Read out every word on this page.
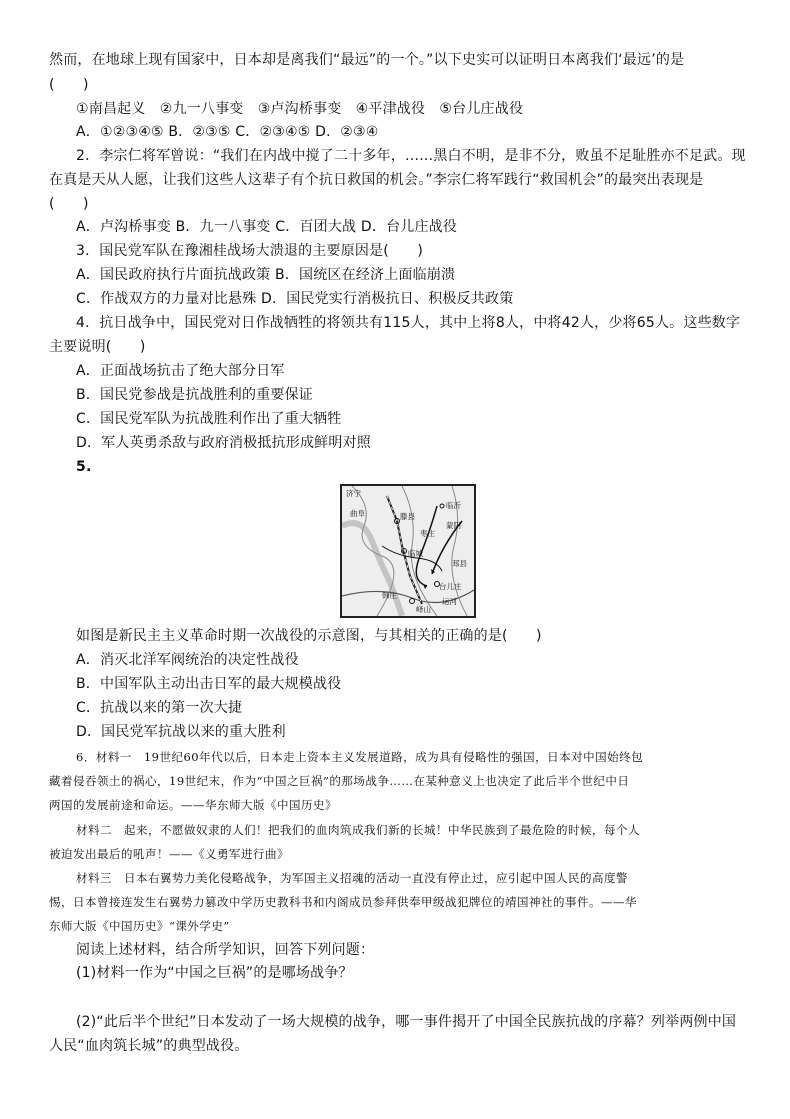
然而，在地球上现有国家中，日本却是离我们“最远”的一个。”以下史实可以证明日本离我们‘最远’的是
(　　)
①南昌起义　②九一八事变　③卢沟桥事变　④平津战役　⑤台儿庄战役
A．①②③④⑤ B．②③⑤ C．②③④⑤ D．②③④
2．李宗仁将军曾说：“我们在内战中搅了二十多年，……黑白不明，是非不分，败虽不足耻胜亦不足武。现
在真是天从人愿，让我们这些人这辈子有个抗日救国的机会。”李宗仁将军践行“救国机会”的最突出表现是
(　　)
A．卢沟桥事变 B．九一八事变 C．百团大战 D．台儿庄战役
3．国民党军队在豫湘桂战场大溃退的主要原因是(　　)
A．国民政府执行片面抗战政策 B．国统区在经济上面临崩溃
C．作战双方的力量对比悬殊 D．国民党实行消极抗日、积极反共政策
4．抗日战争中，国民党对日作战牺牲的将领共有115人，其中上将8人，中将42人，少将65人。这些数字
主要说明(　　)
A．正面战场抗击了绝大部分日军
B．国民党参战是抗战胜利的重要保证
C．国民党军队为抗战胜利作出了重大牺牲
D．军人英勇杀敌与政府消极抵抗形成鲜明对照
5.
济宁
滕县
枣庄
临城
台儿庄
运河
临沂
邳县
峄山
韩庄
蒙阴
曲阜
如图是新民主主义革命时期一次战役的示意图，与其相关的正确的是(　　)
A．消灭北洋军阀统治的决定性战役
B．中国军队主动出击日军的最大规模战役
C．抗战以来的第一次大捷
D．国民党军抗战以来的重大胜利
6．材料一　19世纪60年代以后，日本走上资本主义发展道路，成为具有侵略性的强国，日本对中国始终包
藏着侵吞领土的祸心，19世纪末，作为“中国之巨祸”的那场战争……在某种意义上也决定了此后半个世纪中日
两国的发展前途和命运。——华东师大版《中国历史》
材料二　起来，不愿做奴隶的人们！把我们的血肉筑成我们新的长城！中华民族到了最危险的时候，每个人
被迫发出最后的吼声！——《义勇军进行曲》
材料三　日本右翼势力美化侵略战争，为军国主义招魂的活动一直没有停止过，应引起中国人民的高度警
惕，日本曾接连发生右翼势力篡改中学历史教科书和内阁成员参拜供奉甲级战犯牌位的靖国神社的事件。——华
东师大版《中国历史》“课外学史”
阅读上述材料，结合所学知识，回答下列问题：
(1)材料一作为“中国之巨祸”的是哪场战争？
(2)“此后半个世纪”日本发动了一场大规模的战争，哪一事件揭开了中国全民族抗战的序幕？列举两例中国
人民“血肉筑长城”的典型战役。
